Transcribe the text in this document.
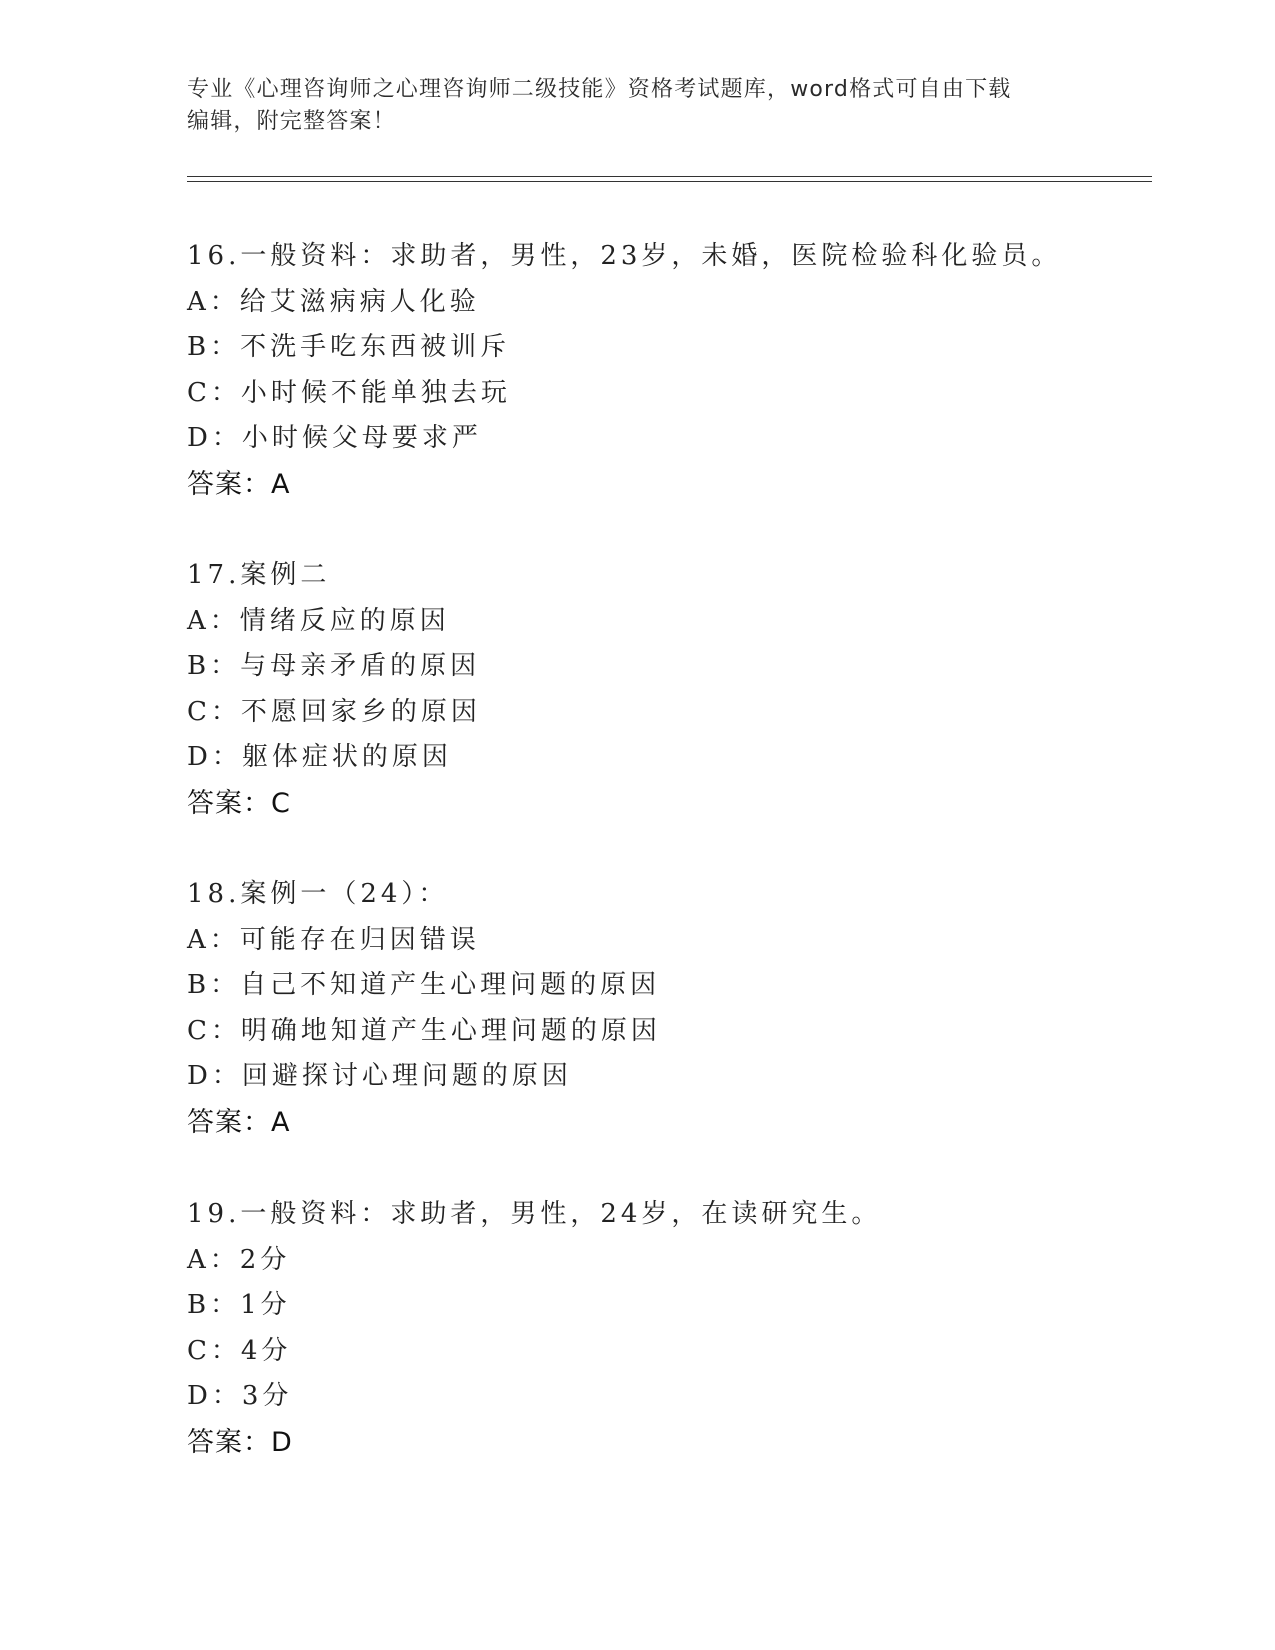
专业《心理咨询师之心理咨询师二级技能》资格考试题库，word格式可自由下载
编辑，附完整答案！
16.一般资料：求助者，男性，23岁，未婚，医院检验科化验员。
A：给艾滋病病人化验
B：不洗手吃东西被训斥
C：小时候不能单独去玩
D：小时候父母要求严
答案：A
17.案例二
A：情绪反应的原因
B：与母亲矛盾的原因
C：不愿回家乡的原因
D：躯体症状的原因
答案：C
18.案例一（24）：
A：可能存在归因错误
B：自己不知道产生心理问题的原因
C：明确地知道产生心理问题的原因
D：回避探讨心理问题的原因
答案：A
19.一般资料：求助者，男性，24岁，在读研究生。
A：2分
B：1分
C：4分
D：3分
答案：D
